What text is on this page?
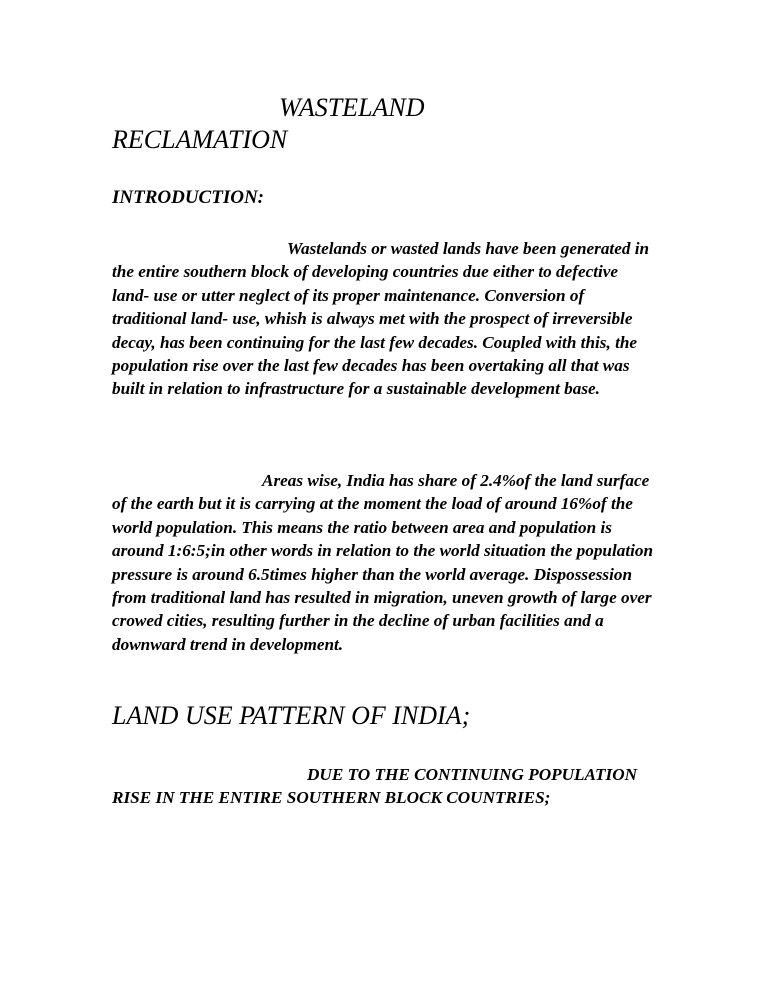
WASTELAND
RECLAMATION
INTRODUCTION:

Wastelands or wasted lands have been generated in the entire southern block of developing countries due either to defective land- use or utter neglect of its proper maintenance. Conversion of traditional land- use, whish is always met with the prospect of irreversible decay, has been continuing for the last few decades. Coupled with this, the population rise over the last few decades has been overtaking all that was built in relation to infrastructure for a sustainable development base.

Areas wise, India has share of 2.4%of the land surface of the earth but it is carrying at the moment the load of around 16%of the world population. This means the ratio between area and population is around 1:6:5;in other words in relation to the world situation the population pressure is around 6.5times higher than the world average. Dispossession from traditional land has resulted in migration, uneven growth of large over crowed cities, resulting further in the decline of urban facilities and a downward trend in development.

LAND USE PATTERN OF INDIA;

DUE TO THE CONTINUING POPULATION RISE IN THE ENTIRE SOUTHERN BLOCK COUNTRIES;
